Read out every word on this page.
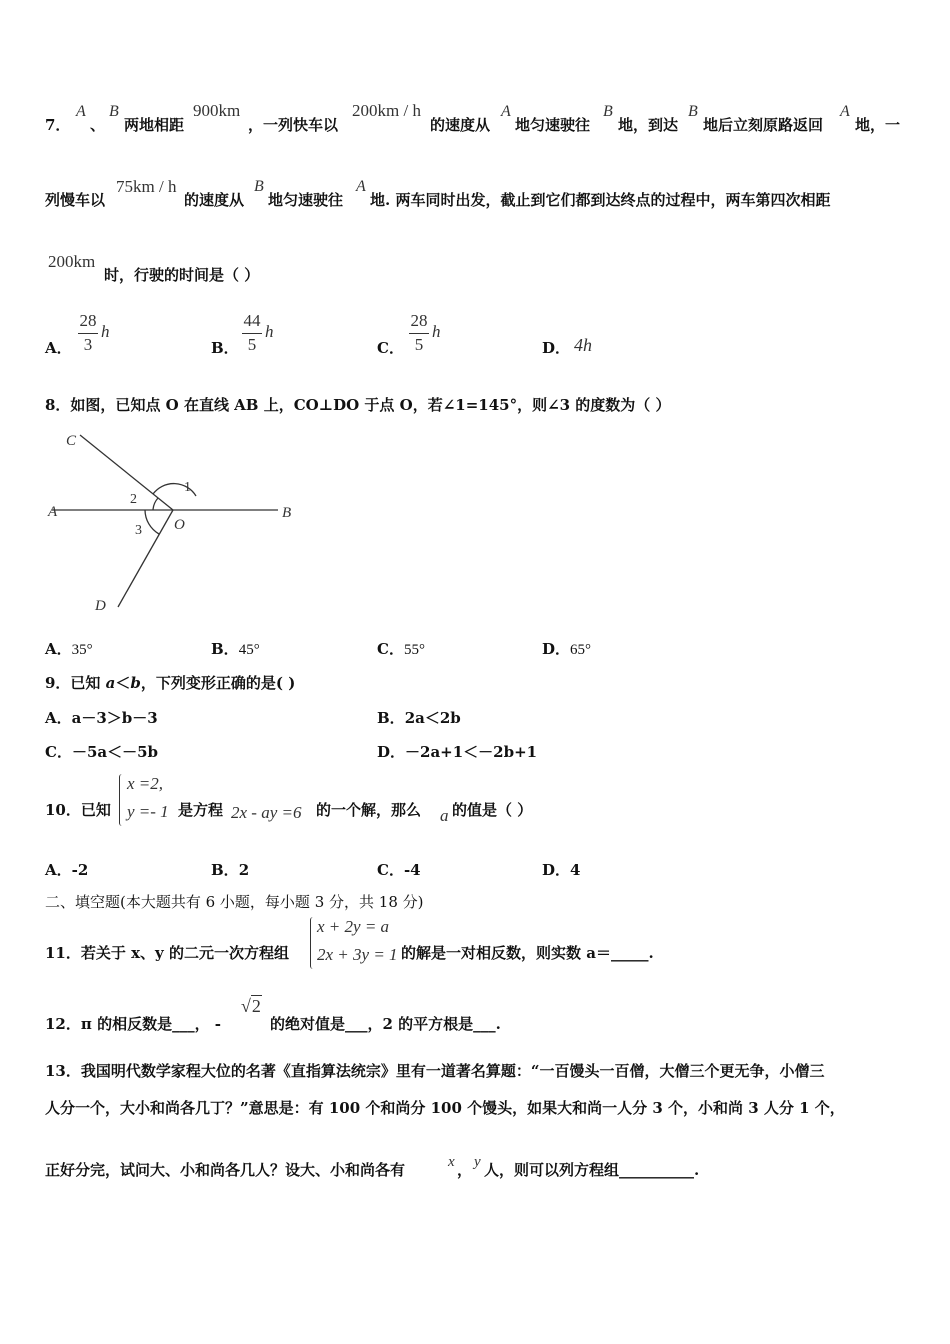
7．
A
、
B
两地相距
900km
，一列快车以
200km / h
的速度从
A
地匀速驶往
B
地，到达
B
地后立刻原路返回
A
地，一
列慢车以
75km / h
的速度从
B
地匀速驶往
A
地. 两车同时出发，截止到它们都到达终点的过程中，两车第四次相距
200km
时，行驶的时间是（ ）
A．
28
3
h
B．
44
5
h
C．
28
5
h
D． 4h
8．如图，已知点 O 在直线 AB 上，CO⊥DO 于点 O，若∠1=145°，则∠3 的度数为（ ）
C
A	B
D
O
1
2
3
A．35°	B．45°	C．55°	D．65°
9．已知 a＜b，下列变形正确的是( )
A．a－3＞b－3	B．2a＜2b
C．－5a＜－5b	D．－2a+1＜－2b+1
10．已知
x =2,
y =- 1 是方程 2x - ay =6 的一个解，那么 a 的值是（ ）
A．-2	B．2	C．-4	D．4
二、填空题(本大题共有 6 小题，每小题 3 分，共 18 分)
11．若关于 x、y 的二元一次方程组
x + 2y = a
2x + 3y = 1 的解是一对相反数，则实数 a＝_____.
12．π 的相反数是___， -
√2
的绝对值是___，2 的平方根是___.
13．我国明代数学家程大位的名著《直指算法统宗》里有一道著名算题：“一百馒头一百僧，大僧三个更无争，小僧三
人分一个，大小和尚各几丁？”意思是：有 100 个和尚分 100 个馒头，如果大和尚一人分 3 个，小和尚 3 人分 1 个，
正好分完，试问大、小和尚各几人？设大、小和尚各有	x ， y 人，则可以列方程组__________.
